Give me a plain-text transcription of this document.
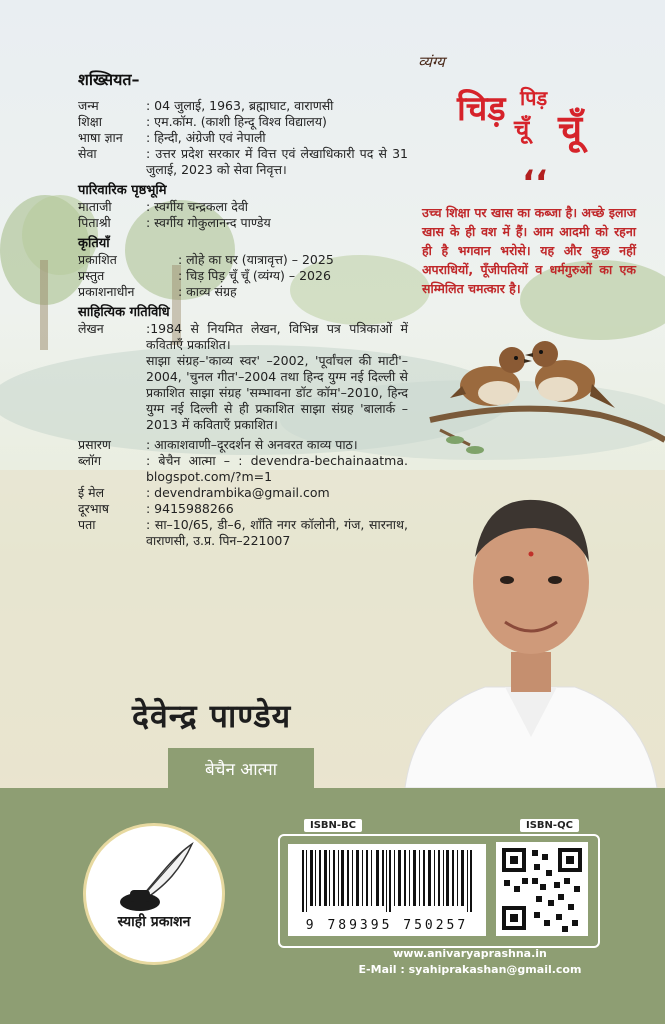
शख्सियत–
जन्म	: 04 जुलाई, 1963, ब्रह्माघाट, वाराणसी
शिक्षा	: एम.कॉम. (काशी हिन्दू विश्व विद्यालय)
भाषा ज्ञान	: हिन्दी, अंग्रेजी एवं नेपाली
सेवा	: उत्तर प्रदेश सरकार में वित्त एवं लेखाधिकारी पद से 31 जुलाई, 2023 को सेवा निवृत्त।
पारिवारिक पृष्ठभूमि
माताजी	: स्वर्गीय चन्द्रकला देवी
पिताश्री	: स्वर्गीय गोकुलानन्द पाण्डेय
कृतियाँ
प्रकाशित	: लोहे का घर (यात्रावृत्त) – 2025
प्रस्तुत	: चिड़ पिड़ चूँ चूँ (व्यंग्य) – 2026
प्रकाशनाधीन	: काव्य संग्रह
साहित्यिक गतिविधि
लेखन	:1984 से नियमित लेखन, विभिन्न पत्र पत्रिकाओं में कविताएँ प्रकाशित।
साझा संग्रह–'काव्य स्वर' –2002, 'पूर्वांचल की माटी'–2004, 'चुनल गीत'–2004 तथा हिन्द युग्म नई दिल्ली से प्रकाशित साझा संग्रह 'सम्भावना डॉट कॉम'–2010, हिन्द युग्म नई दिल्ली से ही प्रकाशित साझा संग्रह 'बालार्क –2013 में कविताएँ प्रकाशित।
प्रसारण	: आकाशवाणी–दूरदर्शन से अनवरत काव्य पाठ।
ब्लॉग	: बेचैन आत्मा – : devendra-bechainaatma. blogspot.com/?m=1
ई मेल	: devendrambika@gmail.com
दूरभाष	: 9415988266
पता	: सा–10/65, डी–6, शाँति नगर कॉलोनी, गंज, सारनाथ, वाराणसी, उ.प्र. पिन–221007
व्यंग्य
चिड़ पिड़
चूँ चूँ
‘‘
उच्च शिक्षा पर खास का कब्जा है। अच्छे इलाज खास के ही वश में हैं। आम आदमी को रहना ही है भगवान भरोसे। यह और कुछ नहीं अपराधियों, पूँजीपतियों व धर्मगुरुओं का एक सम्मिलित चमत्कार है।
देवेन्द्र पाण्डेय
बेचैन आत्मा
स्याही प्रकाशन
ISBN-BC	ISBN-QC
9 789395 750257
www.anivaryaprashna.in
E-Mail : syahiprakashan@gmail.com
